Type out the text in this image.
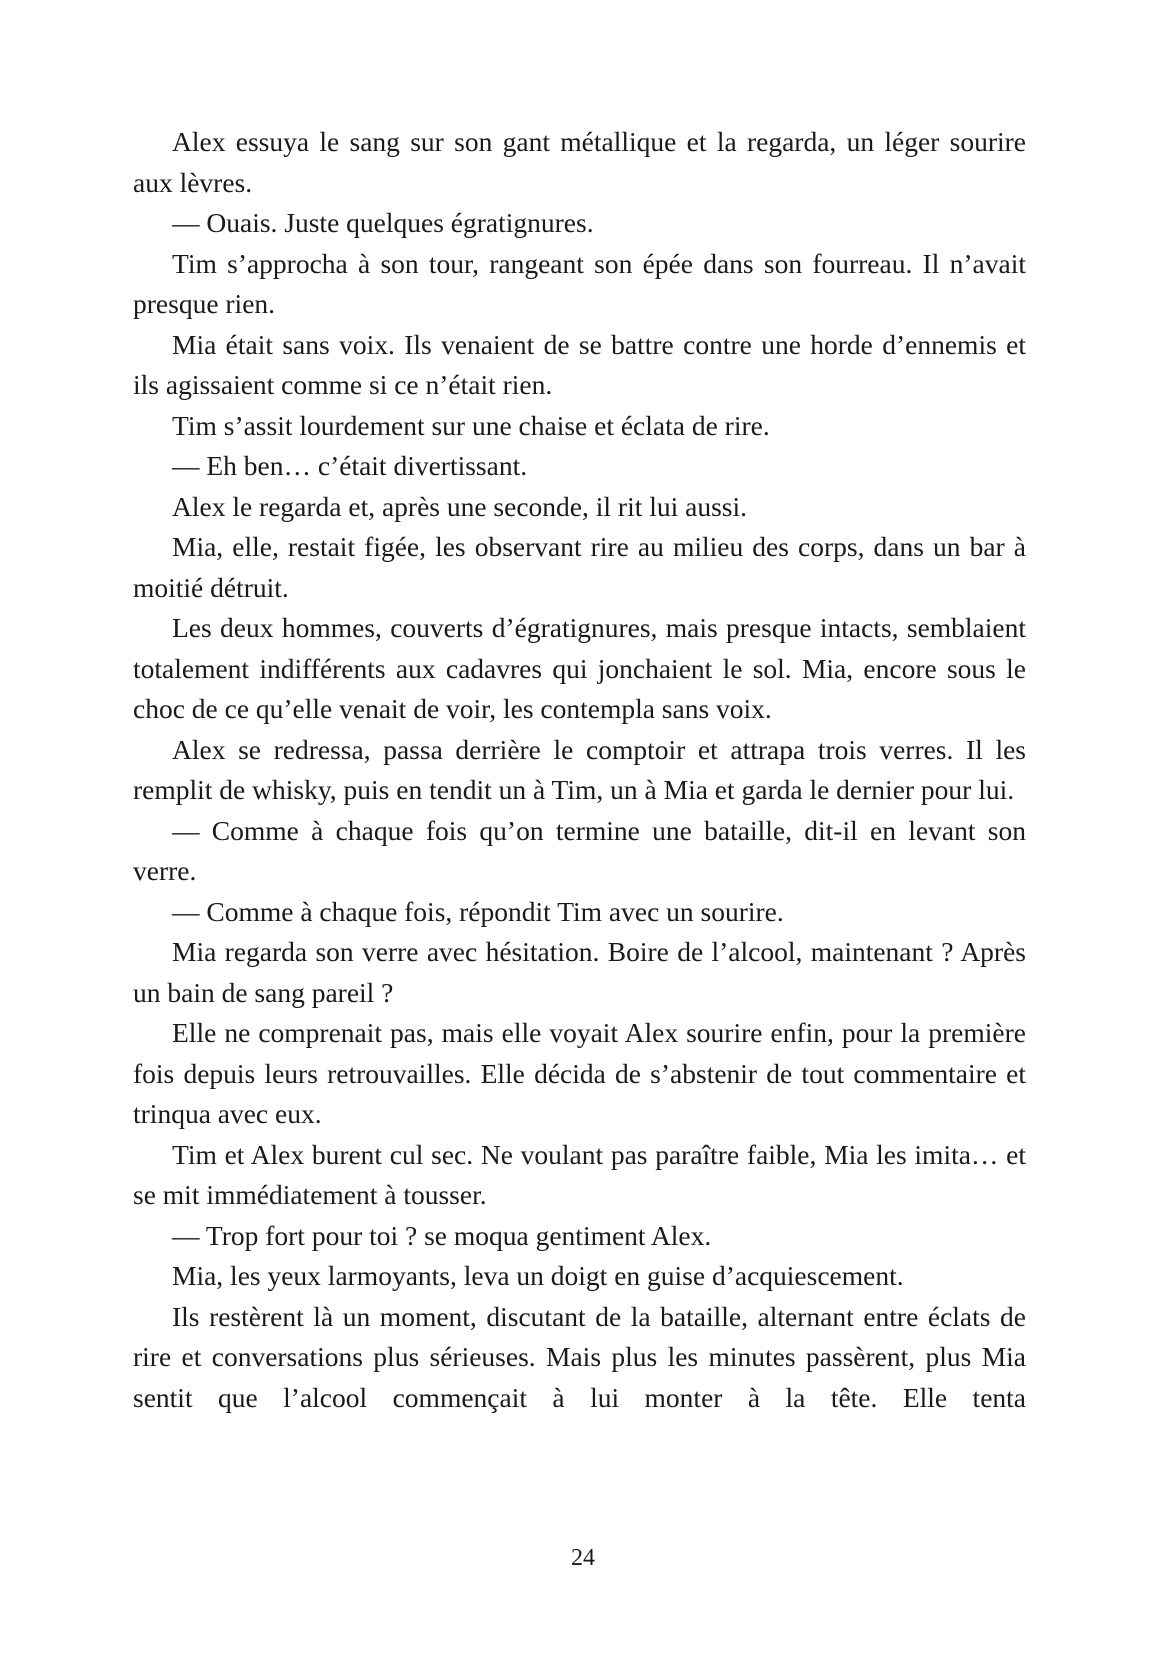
Alex essuya le sang sur son gant métallique et la regarda, un léger sourire aux lèvres.

— Ouais. Juste quelques égratignures.

Tim s’approcha à son tour, rangeant son épée dans son fourreau. Il n’avait presque rien.

Mia était sans voix. Ils venaient de se battre contre une horde d’ennemis et ils agissaient comme si ce n’était rien.

Tim s’assit lourdement sur une chaise et éclata de rire.

— Eh ben… c’était divertissant.

Alex le regarda et, après une seconde, il rit lui aussi.

Mia, elle, restait figée, les observant rire au milieu des corps, dans un bar à moitié détruit.

Les deux hommes, couverts d’égratignures, mais presque intacts, semblaient totalement indifférents aux cadavres qui jonchaient le sol. Mia, encore sous le choc de ce qu’elle venait de voir, les contempla sans voix.

Alex se redressa, passa derrière le comptoir et attrapa trois verres. Il les remplit de whisky, puis en tendit un à Tim, un à Mia et garda le dernier pour lui.

— Comme à chaque fois qu’on termine une bataille, dit-il en levant son verre.

— Comme à chaque fois, répondit Tim avec un sourire.

Mia regarda son verre avec hésitation. Boire de l’alcool, maintenant ? Après un bain de sang pareil ?

Elle ne comprenait pas, mais elle voyait Alex sourire enfin, pour la première fois depuis leurs retrouvailles. Elle décida de s’abstenir de tout commentaire et trinqua avec eux.

Tim et Alex burent cul sec. Ne voulant pas paraître faible, Mia les imita… et se mit immédiatement à tousser.

— Trop fort pour toi ? se moqua gentiment Alex.

Mia, les yeux larmoyants, leva un doigt en guise d’acquiescement.

Ils restèrent là un moment, discutant de la bataille, alternant entre éclats de rire et conversations plus sérieuses. Mais plus les minutes passèrent, plus Mia sentit que l’alcool commençait à lui monter à la tête. Elle tenta

24
